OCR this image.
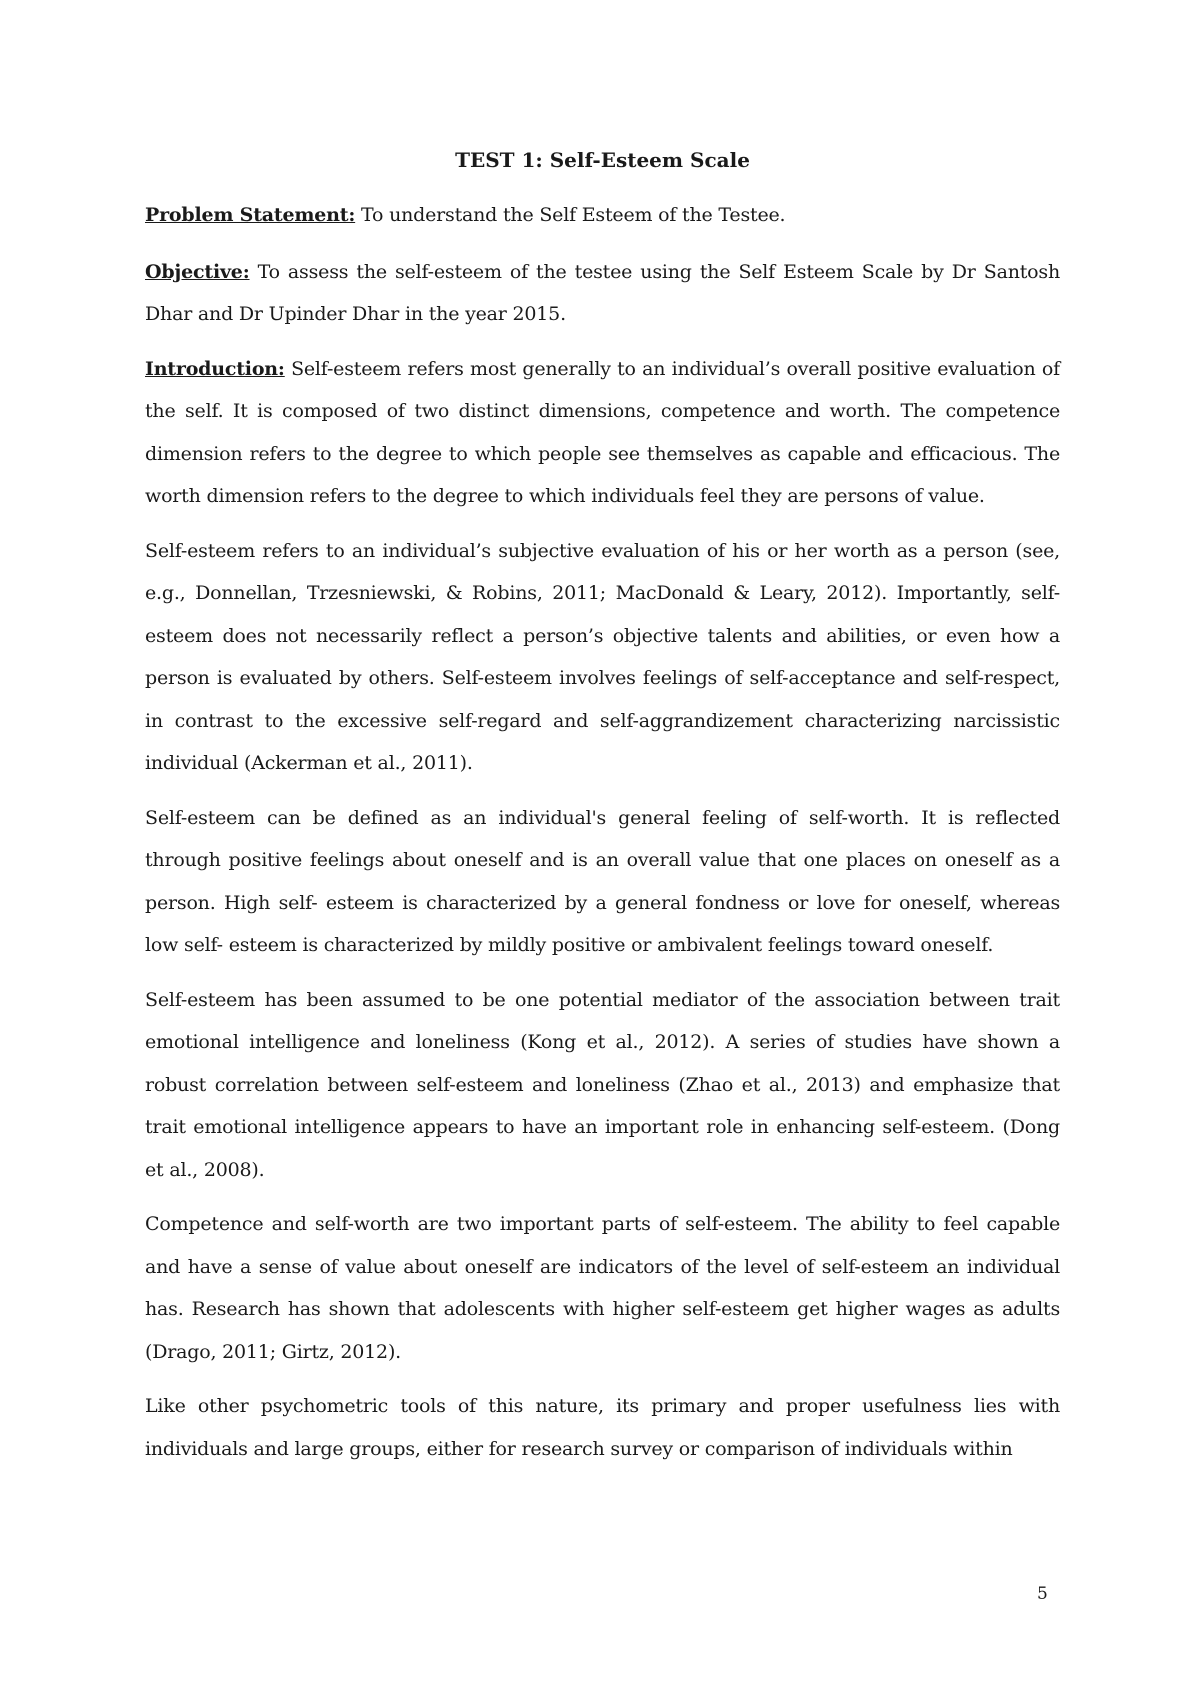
TEST 1: Self-Esteem Scale

Problem Statement: To understand the Self Esteem of the Testee.

Objective: To assess the self-esteem of the testee using the Self Esteem Scale by Dr Santosh Dhar and Dr Upinder Dhar in the year 2015.

Introduction: Self-esteem refers most generally to an individual’s overall positive evaluation of the self. It is composed of two distinct dimensions, competence and worth. The competence dimension refers to the degree to which people see themselves as capable and efficacious. The worth dimension refers to the degree to which individuals feel they are persons of value.

Self-esteem refers to an individual’s subjective evaluation of his or her worth as a person (see, e.g., Donnellan, Trzesniewski, & Robins, 2011; MacDonald & Leary, 2012). Importantly, self-esteem does not necessarily reflect a person’s objective talents and abilities, or even how a person is evaluated by others. Self-esteem involves feelings of self-acceptance and self-respect, in contrast to the excessive self-regard and self-aggrandizement characterizing narcissistic individual (Ackerman et al., 2011).

Self-esteem can be defined as an individual's general feeling of self-worth. It is reflected through positive feelings about oneself and is an overall value that one places on oneself as a person. High self- esteem is characterized by a general fondness or love for oneself, whereas low self- esteem is characterized by mildly positive or ambivalent feelings toward oneself.

Self-esteem has been assumed to be one potential mediator of the association between trait emotional intelligence and loneliness (Kong et al., 2012). A series of studies have shown a robust correlation between self-esteem and loneliness (Zhao et al., 2013) and emphasize that trait emotional intelligence appears to have an important role in enhancing self-esteem. (Dong et al., 2008).

Competence and self-worth are two important parts of self-esteem. The ability to feel capable and have a sense of value about oneself are indicators of the level of self-esteem an individual has. Research has shown that adolescents with higher self-esteem get higher wages as adults (Drago, 2011; Girtz, 2012).

Like other psychometric tools of this nature, its primary and proper usefulness lies with individuals and large groups, either for research survey or comparison of individuals within

5
